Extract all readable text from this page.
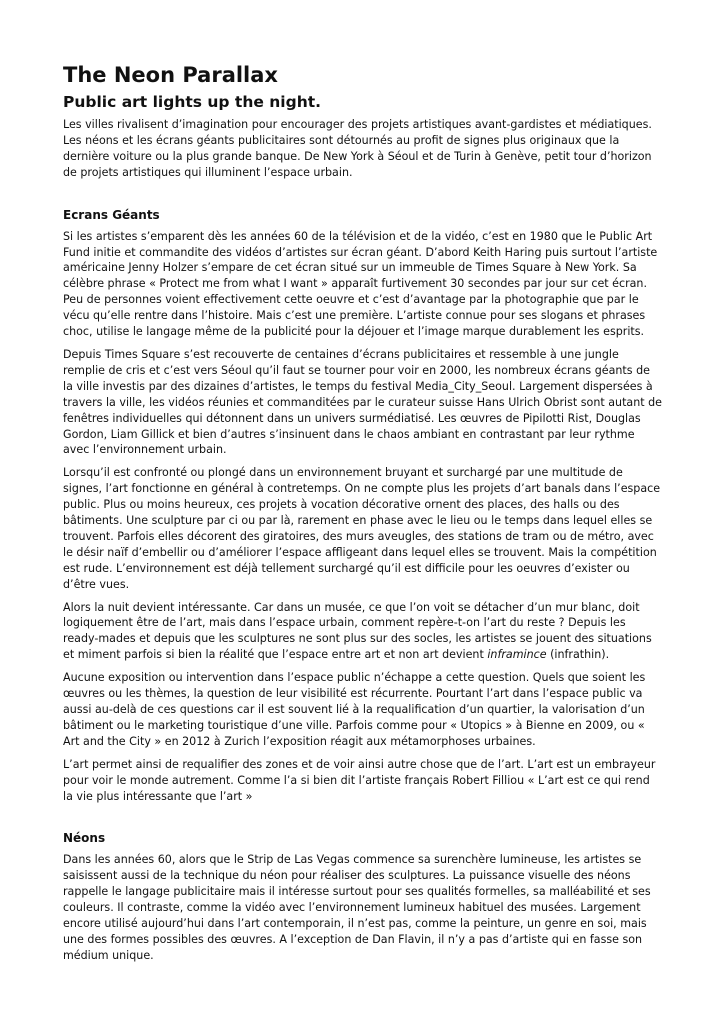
The Neon Parallax
Public art lights up the night.

Les villes rivalisent d’imagination pour encourager des projets artistiques avant-gardistes et médiatiques. Les néons et les écrans géants publicitaires sont détournés au profit de signes plus originaux que la dernière voiture ou la plus grande banque. De New York à Séoul et de Turin à Genève, petit tour d’horizon de projets artistiques qui illuminent l’espace urbain.

Ecrans Géants

Si les artistes s’emparent dès les années 60 de la télévision et de la vidéo, c’est en 1980 que le Public Art Fund initie et commandite des vidéos d’artistes sur écran géant. D’abord Keith Haring puis surtout l’artiste américaine Jenny Holzer s’empare de cet écran situé sur un immeuble de Times Square à New York. Sa célèbre phrase « Protect me from what I want » apparaît furtivement 30 secondes par jour sur cet écran. Peu de personnes voient effectivement cette oeuvre et c’est d’avantage par la photographie que par le vécu qu’elle rentre dans l’histoire. Mais c’est une première. L’artiste connue pour ses slogans et phrases choc, utilise le langage même de la publicité pour la déjouer et l’image marque durablement les esprits.

Depuis Times Square s’est recouverte de centaines d’écrans publicitaires et ressemble à une jungle remplie de cris et c’est vers Séoul qu’il faut se tourner pour voir en 2000, les nombreux écrans géants de la ville investis par des dizaines d’artistes, le temps du festival Media_City_Seoul. Largement dispersées à travers la ville, les vidéos réunies et commanditées par le curateur suisse Hans Ulrich Obrist sont autant de fenêtres individuelles qui détonnent dans un univers surmédiatisé. Les œuvres de Pipilotti Rist, Douglas Gordon, Liam Gillick et bien d’autres s’insinuent dans le chaos ambiant en contrastant par leur rythme avec l’environnement urbain.

Lorsqu’il est confronté ou plongé dans un environnement bruyant et surchargé par une multitude de signes, l’art fonctionne en général à contretemps. On ne compte plus les projets d’art banals dans l’espace public. Plus ou moins heureux, ces projets à vocation décorative ornent des places, des halls ou des bâtiments. Une sculpture par ci ou par là, rarement en phase avec le lieu ou le temps dans lequel elles se trouvent. Parfois elles décorent des giratoires, des murs aveugles, des stations de tram ou de métro, avec le désir naïf d’embellir ou d’améliorer l’espace affligeant dans lequel elles se trouvent. Mais la compétition est rude. L’environnement est déjà tellement surchargé qu’il est difficile pour les oeuvres d’exister ou d’être vues.

Alors la nuit devient intéressante. Car dans un musée, ce que l’on voit se détacher d’un mur blanc, doit logiquement être de l’art, mais dans l’espace urbain, comment repère-t-on l’art du reste ? Depuis les ready-mades et depuis que les sculptures ne sont plus sur des socles, les artistes se jouent des situations et miment parfois si bien la réalité que l’espace entre art et non art devient inframince (infrathin).

Aucune exposition ou intervention dans l’espace public n’échappe a cette question. Quels que soient les œuvres ou les thèmes, la question de leur visibilité est récurrente. Pourtant l’art dans l’espace public va aussi au-delà de ces questions car il est souvent lié à la requalification d’un quartier, la valorisation d’un bâtiment ou le marketing touristique d’une ville. Parfois comme pour « Utopics » à Bienne en 2009, ou « Art and the City » en 2012 à Zurich l’exposition réagit aux métamorphoses urbaines.

L’art permet ainsi de requalifier des zones et de voir ainsi autre chose que de l’art. L’art est un embrayeur pour voir le monde autrement. Comme l’a si bien dit l’artiste français Robert Filliou « L’art est ce qui rend la vie plus intéressante que l’art »

Néons

Dans les années 60, alors que le Strip de Las Vegas commence sa surenchère lumineuse, les artistes se saisissent aussi de la technique du néon pour réaliser des sculptures. La puissance visuelle des néons rappelle le langage publicitaire mais il intéresse surtout pour ses qualités formelles, sa malléabilité et ses couleurs. Il contraste, comme la vidéo avec l’environnement lumineux habituel des musées. Largement encore utilisé aujourd’hui dans l’art contemporain, il n’est pas, comme la peinture, un genre en soi, mais une des formes possibles des œuvres. A l’exception de Dan Flavin, il n’y a pas d’artiste qui en fasse son médium unique.
